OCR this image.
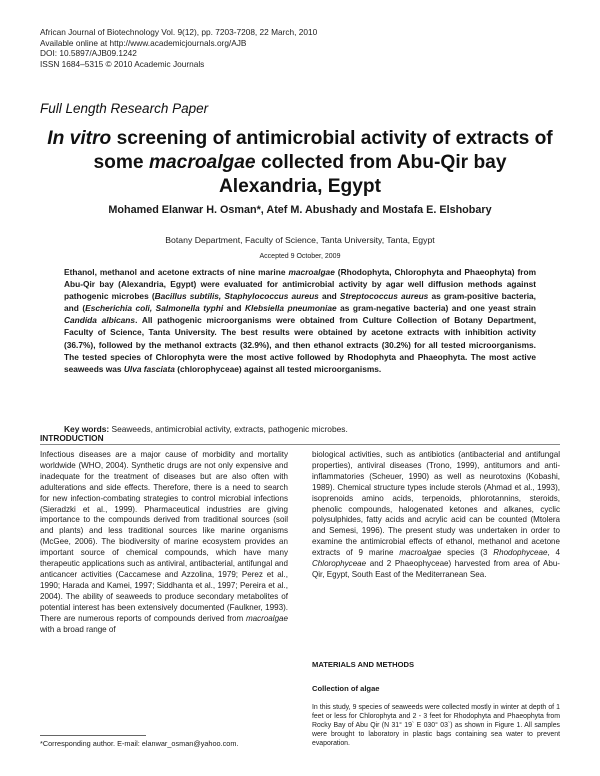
African Journal of Biotechnology Vol. 9(12), pp. 7203-7208, 22 March, 2010
Available online at http://www.academicjournals.org/AJB
DOI: 10.5897/AJB09.1242
ISSN 1684–5315 © 2010 Academic Journals
Full Length Research Paper
In vitro screening of antimicrobial activity of extracts of
some macroalgae collected from Abu-Qir bay
Alexandria, Egypt
Mohamed Elanwar H. Osman*, Atef M. Abushady and Mostafa E. Elshobary
Botany Department, Faculty of Science, Tanta University, Tanta, Egypt
Accepted 9 October, 2009

Ethanol, methanol and acetone extracts of nine marine macroalgae (Rhodophyta, Chlorophyta and Phaeophyta) from Abu-Qir bay (Alexandria, Egypt) were evaluated for antimicrobial activity by agar well diffusion methods against pathogenic microbes (Bacillus subtilis, Staphylococcus aureus and Streptococcus aureus as gram-positive bacteria, and (Escherichia coli, Salmonella typhi and Klebsiella pneumoniae as gram-negative bacteria) and one yeast strain Candida albicans. All pathogenic microorganisms were obtained from Culture Collection of Botany Department, Faculty of Science, Tanta University. The best results were obtained by acetone extracts with inhibition activity (36.7%), followed by the methanol extracts (32.9%), and then ethanol extracts (30.2%) for all tested microorganisms. The tested species of Chlorophyta were the most active followed by Rhodophyta and Phaeophyta. The most active seaweeds was Ulva fasciata (chlorophyceae) against all tested microorganisms.

Key words: Seaweeds, antimicrobial activity, extracts, pathogenic microbes.
INTRODUCTION

Infectious diseases are a major cause of morbidity and mortality worldwide (WHO, 2004). Synthetic drugs are not only expensive and inadequate for the treatment of diseases but are also often with adulterations and side effects. Therefore, there is a need to search for new infection-combating strategies to control microbial infections (Sieradzki et al., 1999). Pharmaceutical industries are giving importance to the compounds derived from traditional sources (soil and plants) and less traditional sources like marine organisms (McGee, 2006). The biodiversity of marine ecosystem provides an important source of chemical compounds, which have many therapeutic applications such as antiviral, antibacterial, antifungal and anticancer activities (Caccamese and Azzolina, 1979; Perez et al., 1990; Harada and Kamei, 1997; Siddhanta et al., 1997; Pereira et al., 2004). The ability of seaweeds to produce secondary metabolites of potential interest has been extensively documented (Faulkner, 1993). There are numerous reports of compounds derived from macroalgae with a broad range of

biological activities, such as antibiotics (antibacterial and antifungal properties), antiviral diseases (Trono, 1999), antitumors and anti-inflammatories (Scheuer, 1990) as well as neurotoxins (Kobashi, 1989). Chemical structure types include sterols (Ahmad et al., 1993), isoprenoids amino acids, terpenoids, phlorotannins, steroids, phenolic compounds, halogenated ketones and alkanes, cyclic polysulphides, fatty acids and acrylic acid can be counted (Mtolera and Semesi, 1996). The present study was undertaken in order to examine the antimicrobial effects of ethanol, methanol and acetone extracts of 9 marine macroalgae species (3 Rhodophyceae, 4 Chlorophyceae and 2 Phaeophyceae) harvested from area of Abu-Qir, Egypt, South East of the Mediterranean Sea.

MATERIALS AND METHODS
Collection of algae

In this study, 9 species of seaweeds were collected mostly in winter at depth of 1 feet or less for Chlorophyta and 2 - 3 feet for Rhodophyta and Phaeophyta from Rocky Bay of Abu Qir (N 31° 19` E 030° 03`) as shown in Figure 1. All samples were brought to laboratory in plastic bags containing sea water to prevent evaporation.

*Corresponding author. E-mail: elanwar_osman@yahoo.com.
